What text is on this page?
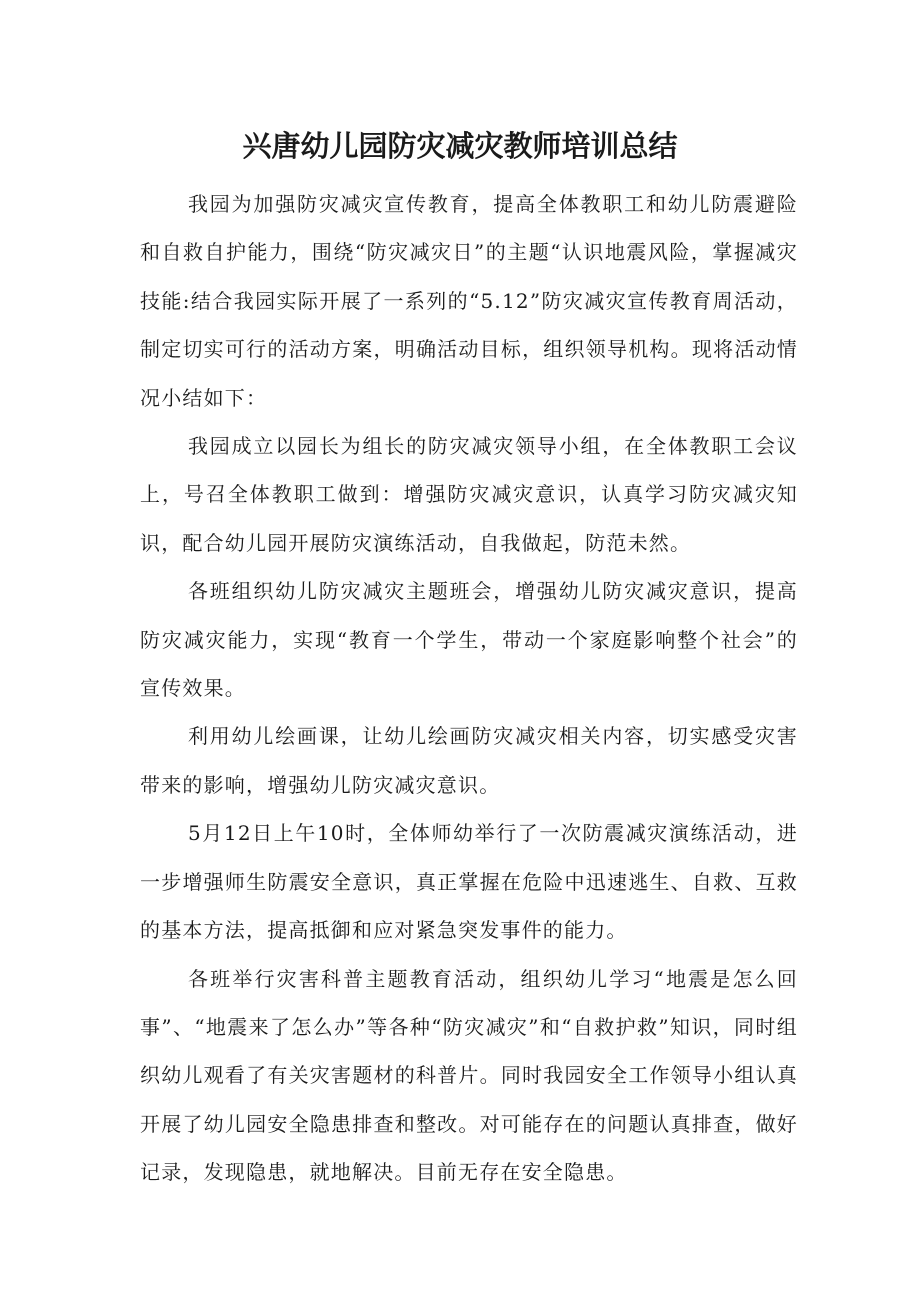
兴唐幼儿园防灾减灾教师培训总结

我园为加强防灾减灾宣传教育，提高全体教职工和幼儿防震避险和自救自护能力，围绕“防灾减灾日”的主题“认识地震风险，掌握减灾技能:结合我园实际开展了一系列的“5.12”防灾减灾宣传教育周活动，制定切实可行的活动方案，明确活动目标，组织领导机构。现将活动情况小结如下：

我园成立以园长为组长的防灾减灾领导小组，在全体教职工会议上，号召全体教职工做到：增强防灾减灾意识，认真学习防灾减灾知识，配合幼儿园开展防灾演练活动，自我做起，防范未然。

各班组织幼儿防灾减灾主题班会，增强幼儿防灾减灾意识，提高防灾减灾能力，实现“教育一个学生，带动一个家庭影响整个社会”的宣传效果。

利用幼儿绘画课，让幼儿绘画防灾减灾相关内容，切实感受灾害带来的影响，增强幼儿防灾减灾意识。

5月12日上午10时，全体师幼举行了一次防震减灾演练活动，进一步增强师生防震安全意识，真正掌握在危险中迅速逃生、自救、互救的基本方法，提高抵御和应对紧急突发事件的能力。

各班举行灾害科普主题教育活动，组织幼儿学习“地震是怎么回事”、“地震来了怎么办”等各种“防灾减灾”和“自救护救”知识，同时组织幼儿观看了有关灾害题材的科普片。同时我园安全工作领导小组认真开展了幼儿园安全隐患排查和整改。对可能存在的问题认真排查，做好记录，发现隐患，就地解决。目前无存在安全隐患。
